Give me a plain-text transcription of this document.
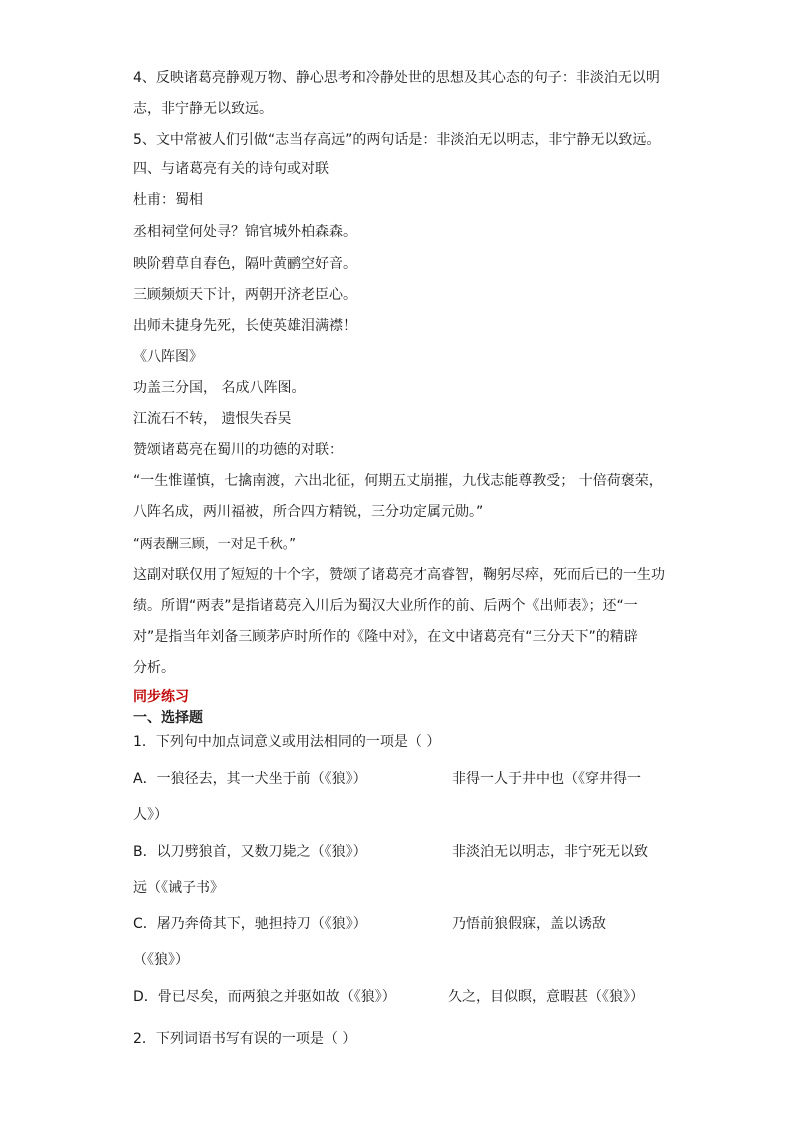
4、反映诸葛亮静观万物、静心思考和冷静处世的思想及其心态的句子：非淡泊无以明
志，非宁静无以致远。
5、文中常被人们引做“志当存高远”的两句话是：非淡泊无以明志，非宁静无以致远。
四、与诸葛亮有关的诗句或对联
杜甫：蜀相
丞相祠堂何处寻？锦官城外柏森森。
映阶碧草自春色，隔叶黄鹂空好音。
三顾频烦天下计，两朝开济老臣心。
出师未捷身先死，长使英雄泪满襟！
《八阵图》
功盖三分国， 名成八阵图。
江流石不转， 遗恨失吞吴
赞颂诸葛亮在蜀川的功德的对联：
“一生惟谨慎，七擒南渡，六出北征，何期五丈崩摧，九伐志能尊教受； 十倍荷褒荣，
八阵名成，两川福被，所合四方精锐，三分功定属元勋。”
“两表酬三顾，一对足千秋。”
这副对联仅用了短短的十个字，赞颂了诸葛亮才高睿智，鞠躬尽瘁，死而后已的一生功
绩。所谓“两表”是指诸葛亮入川后为蜀汉大业所作的前、后两个《出师表》；还“一
对”是指当年刘备三顾茅庐时所作的《隆中对》，在文中诸葛亮有“三分天下”的精辟
分析。
同步练习
一、选择题
1．下列句中加点词意义或用法相同的一项是（ ）
A．一狼径去，其一犬坐于前（《狼》）	非得一人于井中也（《穿井得一
人》）
B．以刀劈狼首，又数刀毙之（《狼》）	非淡泊无以明志，非宁死无以致
远（《诫子书》
C．屠乃奔倚其下，驰担持刀（《狼》）	乃悟前狼假寐，盖以诱敌
（《狼》）
D．骨已尽矣，而两狼之并驱如故（《狼》）	久之，目似瞑，意暇甚（《狼》）
2．下列词语书写有误的一项是（ ）
